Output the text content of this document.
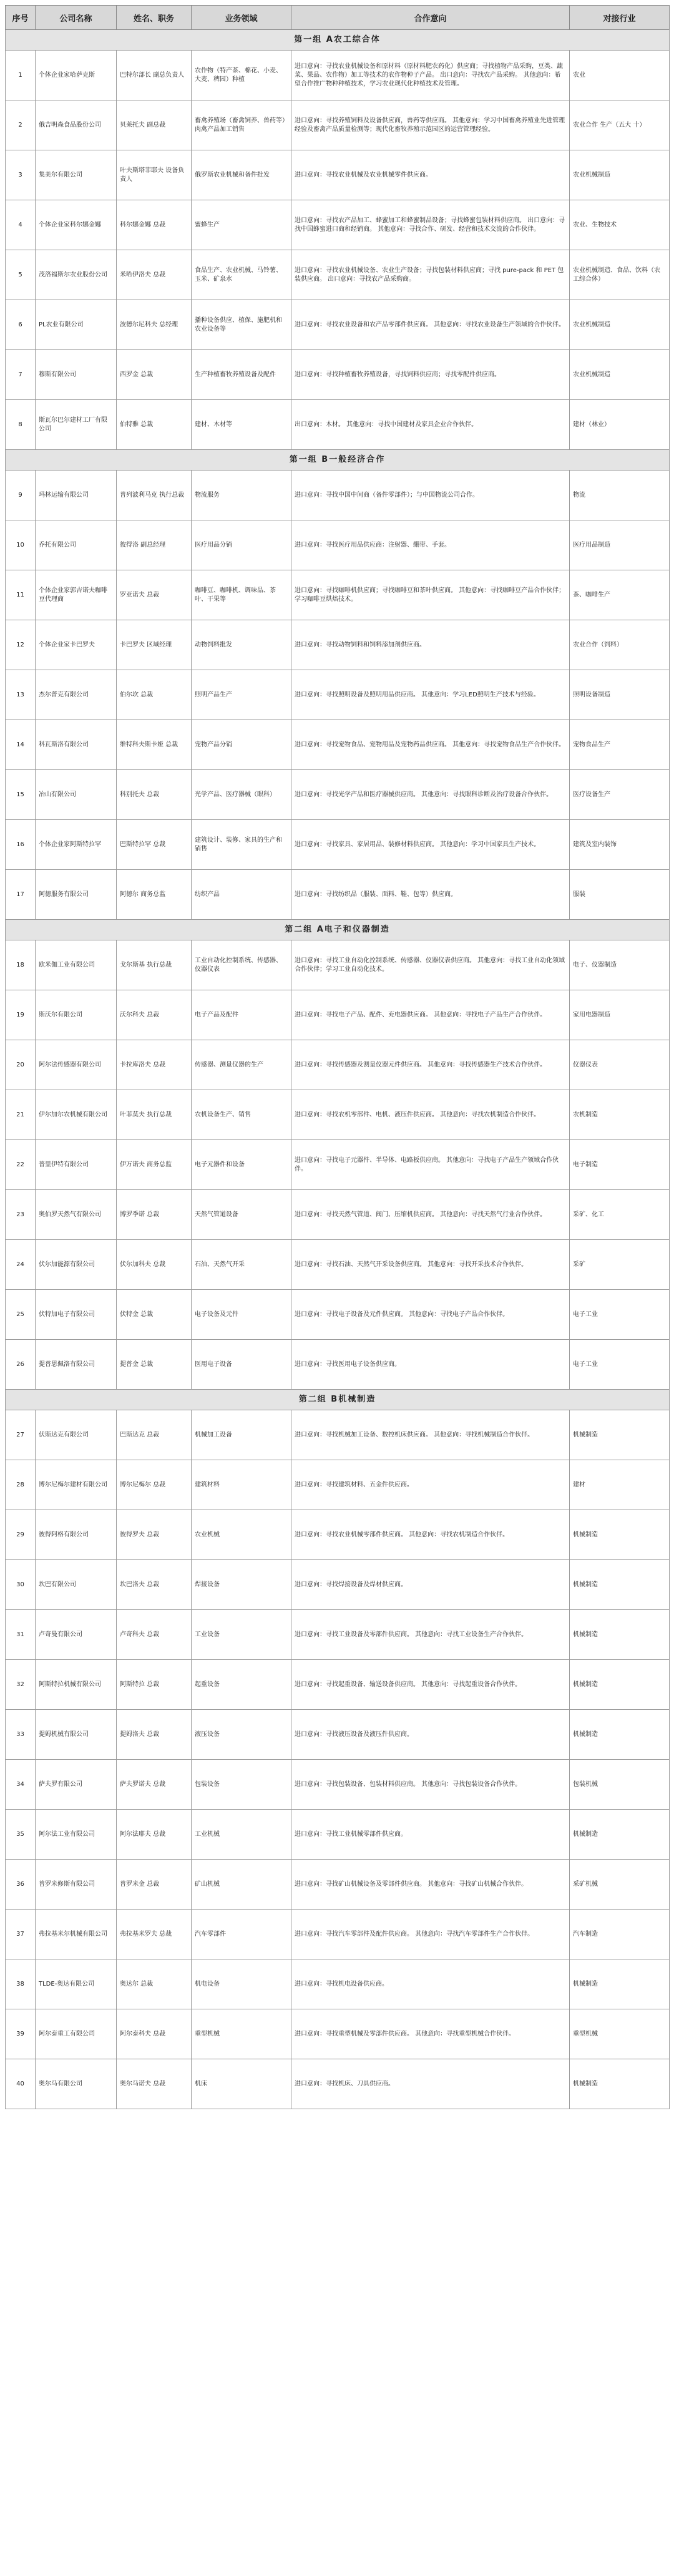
序号	公司名称	姓名、职务	业务领域	合作意向	对接行业
第一组 A农工综合体					
1	个体企业家哈萨克斯	巴特尔部长 副总负责人	农作物（特产茶、棉花、小麦、大麦、稗园）种植	进口意向：寻找农业机械设备和原材料（原材料肥农药化）供应商；寻找植物产品采购，豆类、蔬菜、果品、农作物）加工等技术的农作物种子产品。 出口意向：寻找农产品采购。 其他意向：希望合作推广物种种植技术，学习农业现代化种植技术及管理。	农业
2	俄吉明森食品股份公司	贝莱托夫 副总裁	畜禽养殖场（畜禽饲养、兽药等）肉禽产品加工销售	进口意向：寻找养殖饲料及设备供应商，兽药等供应商。 其他意向：学习中国畜禽养殖业先进管理经验及畜禽产品质量检测等；现代化畜牧养殖示范园区的运营管理经验。	农业合作 生产（五大 十）
3	集美尔有限公司	叶夫斯塔菲耶夫 设备负责人	俄罗斯农业机械和备件批发	进口意向：寻找农业机械及农业机械零件供应商。	农业机械制造
4	个体企业家科尔娜金娜	科尔娜金娜 总裁	蜜蜂生产	进口意向：寻找农产品加工、蜂蜜加工和蜂蜜制品设备；寻找蜂蜜包装材料供应商。 出口意向：寻找中国蜂蜜进口商和经销商。 其他意向：寻找合作、研发、经营和技术交流的合作伙伴。	农业、生物技术
5	茂洛福斯尔农业股份公司	米哈伊洛夫 总裁	食品生产、农业机械、马铃薯、玉米、矿泉水	进口意向：寻找农业机械设备、农业生产设备；寻找包装材料供应商；寻找 pure-pack 和 PET 包装供应商。 出口意向：寻找农产品采购商。	农业机械制造、食品、饮料（农工综合体）
6	PL农业有限公司	波德尔尼科夫 总经理	播种设备供应、植保、施肥机和农业设备等	进口意向：寻找农业设备和农产品零部件供应商。 其他意向：寻找农业设备生产领域的合作伙伴。	农业机械制造
7	穆斯有限公司	西罗金 总裁	生产种植畜牧养殖设备及配件	进口意向：寻找种植畜牧养殖设备，寻找饲料供应商；寻找零配件供应商。	农业机械制造
8	斯瓦尔巴尔建材工厂有限公司	伯特雅 总裁	建材、木材等	出口意向：木材。 其他意向：寻找中国建材及家具企业合作伙伴。	建材（林业）
第一组 B一般经济合作					
9	玛林运输有限公司	普列波利马克 执行总裁	物流服务	进口意向：寻找中国中间商（备件零部件）；与中国物流公司合作。	物流
10	乔托有限公司	彼得洛 副总经理	医疗用品分销	进口意向：寻找医疗用品供应商：注射器、绷带、手套。	医疗用品制造
11	个体企业家郭吉诺夫咖啡豆代理商	罗亚诺夫 总裁	咖啡豆、咖啡机、调味品、茶叶、干果等	进口意向：寻找咖啡机供应商；寻找咖啡豆和茶叶供应商。 其他意向：寻找咖啡豆产品合作伙伴；学习咖啡豆烘焙技术。	茶、咖啡生产
12	个体企业家卡巴罗夫	卡巴罗夫 区域经理	动物饲料批发	进口意向：寻找动物饲料和饲料添加剂供应商。	农业合作（饲料）
13	杰尔普克有限公司	伯尔坎 总裁	照明产品生产	进口意向：寻找照明设备及照明用品供应商。 其他意向：学习LED照明生产技术与经验。	照明设备制造
14	科瓦斯洛有限公司	维特科夫斯卡娅 总裁	宠物产品分销	进口意向：寻找宠物食品、宠物用品及宠物药品供应商。 其他意向：寻找宠物食品生产合作伙伴。	宠物食品生产
15	冶山有限公司	科别托夫 总裁	光学产品、医疗器械（眼科）	进口意向：寻找光学产品和医疗器械供应商。 其他意向：寻找眼科诊断及治疗设备合作伙伴。	医疗设备生产
16	个体企业家阿斯特拉罕	巴斯特拉罕 总裁	建筑设计、装修、家具的生产和销售	进口意向：寻找家具、家居用品、装修材料供应商。 其他意向：学习中国家具生产技术。	建筑及室内装饰
17	阿德服务有限公司	阿德尔 商务总监	纺织产品	进口意向：寻找纺织品（服装、面料、鞋、包等）供应商。	服装
第二组 A电子和仪器制造					
18	欧米伽工业有限公司	戈尔斯基 执行总裁	工业自动化控制系统、传感器、仪器仪表	进口意向：寻找工业自动化控制系统、传感器、仪器仪表供应商。 其他意向：寻找工业自动化领域合作伙伴；学习工业自动化技术。	电子、仪器制造
19	斯沃尔有限公司	沃尔科夫 总裁	电子产品及配件	进口意向：寻找电子产品、配件、充电器供应商。 其他意向：寻找电子产品生产合作伙伴。	家用电器制造
20	阿尔法传感器有限公司	卡拉库洛夫 总裁	传感器、测量仪器的生产	进口意向：寻找传感器及测量仪器元件供应商。 其他意向：寻找传感器生产技术合作伙伴。	仪器仪表
21	伊尔加尔农机械有限公司	叶菲莫夫 执行总裁	农机设备生产、销售	进口意向：寻找农机零部件、电机、液压件供应商。 其他意向：寻找农机制造合作伙伴。	农机制造
22	普里伊特有限公司	伊万诺夫 商务总监	电子元器件和设备	进口意向：寻找电子元器件、半导体、电路板供应商。 其他意向：寻找电子产品生产领域合作伙伴。	电子制造
23	奥伯罗天然气有限公司	博罗季诺 总裁	天然气管道设备	进口意向：寻找天然气管道、阀门、压缩机供应商。 其他意向：寻找天然气行业合作伙伴。	采矿、化工
24	伏尔加能源有限公司	伏尔加科夫 总裁	石油、天然气开采	进口意向：寻找石油、天然气开采设备供应商。 其他意向：寻找开采技术合作伙伴。	采矿
25	伏特加电子有限公司	伏特金 总裁	电子设备及元件	进口意向：寻找电子设备及元件供应商。 其他意向：寻找电子产品合作伙伴。	电子工业
26	提普思佩洛有限公司	提普金 总裁	医用电子设备	进口意向：寻找医用电子设备供应商。	电子工业
第二组 B机械制造					
27	伏斯达克有限公司	巴斯达克 总裁	机械加工设备	进口意向：寻找机械加工设备、数控机床供应商。 其他意向：寻找机械制造合作伙伴。	机械制造
28	博尔尼梅尔建材有限公司	博尔尼梅尔 总裁	建筑材料	进口意向：寻找建筑材料、五金件供应商。	建材
29	彼得阿格有限公司	彼得罗夫 总裁	农业机械	进口意向：寻找农业机械零部件供应商。 其他意向：寻找农机制造合作伙伴。	机械制造
30	坎巴有限公司	坎巴洛夫 总裁	焊接设备	进口意向：寻找焊接设备及焊材供应商。	机械制造
31	卢奇曼有限公司	卢奇科夫 总裁	工业设备	进口意向：寻找工业设备及零部件供应商。 其他意向：寻找工业设备生产合作伙伴。	机械制造
32	阿斯特拉机械有限公司	阿斯特拉 总裁	起重设备	进口意向：寻找起重设备、输送设备供应商。 其他意向：寻找起重设备合作伙伴。	机械制造
33	提姆机械有限公司	提姆洛夫 总裁	液压设备	进口意向：寻找液压设备及液压件供应商。	机械制造
34	萨夫罗有限公司	萨夫罗诺夫 总裁	包装设备	进口意向：寻找包装设备、包装材料供应商。 其他意向：寻找包装设备合作伙伴。	包装机械
35	阿尔法工业有限公司	阿尔法耶夫 总裁	工业机械	进口意向：寻找工业机械零部件供应商。	机械制造
36	普罗米修斯有限公司	普罗米金 总裁	矿山机械	进口意向：寻找矿山机械设备及零部件供应商。 其他意向：寻找矿山机械合作伙伴。	采矿机械
37	弗拉基米尔机械有限公司	弗拉基米罗夫 总裁	汽车零部件	进口意向：寻找汽车零部件及配件供应商。 其他意向：寻找汽车零部件生产合作伙伴。	汽车制造
38	TLDE-奥达有限公司	奥达尔 总裁	机电设备	进口意向：寻找机电设备供应商。	机械制造
39	阿尔泰重工有限公司	阿尔泰科夫 总裁	重型机械	进口意向：寻找重型机械及零部件供应商。 其他意向：寻找重型机械合作伙伴。	重型机械
40	奥尔马有限公司	奥尔马诺夫 总裁	机床	进口意向：寻找机床、刀具供应商。	机械制造
